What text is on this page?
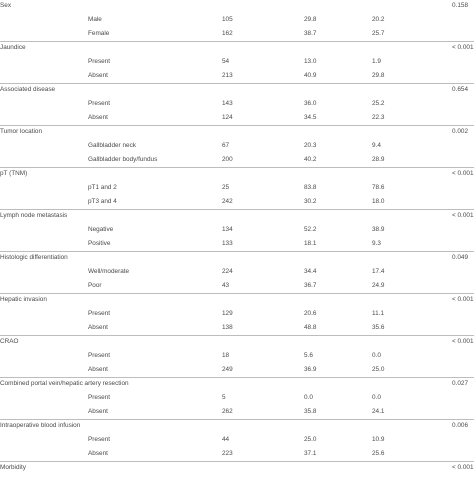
Sex	0.158
Male	105	29.8	20.2
Female	162	38.7	25.7
Jaundice	< 0.001
Present	54	13.0	1.9
Absent	213	40.9	29.8
Associated disease	0.654
Present	143	36.0	25.2
Absent	124	34.5	22.3
Tumor location	0.002
Gallbladder neck	67	20.3	9.4
Gallbladder body/fundus	200	40.2	28.9
pT (TNM)	< 0.001
pT1 and 2	25	83.8	78.6
pT3 and 4	242	30.2	18.0
Lymph node metastasis	< 0.001
Negative	134	52.2	38.9
Positive	133	18.1	9.3
Histologic differentiation	0.049
Well/moderate	224	34.4	17.4
Poor	43	36.7	24.9
Hepatic invasion	< 0.001
Present	129	20.6	11.1
Absent	138	48.8	35.6
CRAO	< 0.001
Present	18	5.6	0.0
Absent	249	36.9	25.0
Combined portal vein/hepatic artery resection	0.027
Present	5	0.0	0.0
Absent	262	35.8	24.1
Intraoperative blood infusion	0.006
Present	44	25.0	10.9
Absent	223	37.1	25.6
Morbidity	< 0.001
